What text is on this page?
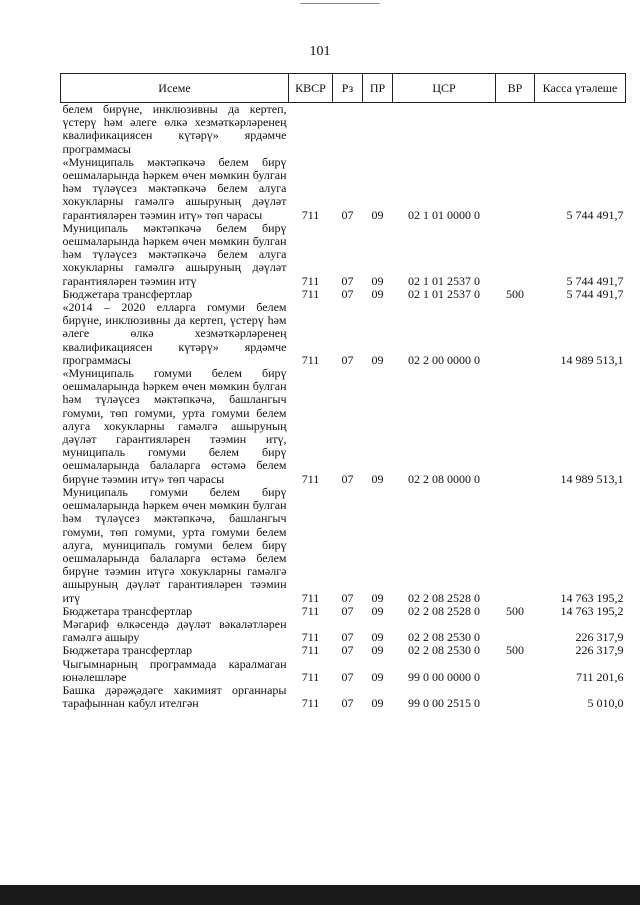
101
Исеме	КВСР	Рз	ПР	ЦСР	ВР	Касса үтәлеше
белем бирүне, инклюзивны да кертеп, үстерү һәм әлеге өлкә хезмәткәрләренең квалификациясен күтәрү» ярдәмче программасы						
«Муниципаль мәктәпкәчә белем бирү оешмаларында һәркем өчен мөмкин булган һәм түләүсез мәктәпкәчә белем алуга хокукларны гамәлгә ашыруның дәүләт гарантияләрен тәэмин итү» төп чарасы	711	07	09	02 1 01 0000 0		5 744 491,7
Муниципаль мәктәпкәчә белем бирү оешмаларында һәркем өчен мөмкин булган һәм түләүсез мәктәпкәчә белем алуга хокукларны гамәлгә ашыруның дәүләт гарантияләрен тәэмин итү	711	07	09	02 1 01 2537 0		5 744 491,7
Бюджетара трансфертлар	711	07	09	02 1 01 2537 0	500	5 744 491,7
«2014 – 2020 елларга гомуми белем бирүне, инклюзивны да кертеп, үстерү һәм әлеге өлкә хезмәткәрләренең квалификациясен күтәрү» ярдәмче программасы	711	07	09	02 2 00 0000 0		14 989 513,1
«Муниципаль гомуми белем бирү оешмаларында һәркем өчен мөмкин булган һәм түләүсез мәктәпкәчә, башлангыч гомуми, төп гомуми, урта гомуми белем алуга хокукларны гамәлгә ашыруның дәүләт гарантияләрен тәэмин итү, муниципаль гомуми белем бирү оешмаларында балаларга өстәмә белем бирүне тәэмин итү» төп чарасы	711	07	09	02 2 08 0000 0		14 989 513,1
Муниципаль гомуми белем бирү оешмаларында һәркем өчен мөмкин булган һәм түләүсез мәктәпкәчә, башлангыч гомуми, төп гомуми, урта гомуми белем алуга, муниципаль гомуми белем бирү оешмаларында балаларга өстәмә белем бирүне тәэмин итүгә хокукларны гамәлгә ашыруның дәүләт гарантияләрен тәэмин итү	711	07	09	02 2 08 2528 0		14 763 195,2
Бюджетара трансфертлар	711	07	09	02 2 08 2528 0	500	14 763 195,2
Мәгариф өлкәсендә дәүләт вәкаләтләрен гамәлгә ашыру	711	07	09	02 2 08 2530 0		226 317,9
Бюджетара трансфертлар	711	07	09	02 2 08 2530 0	500	226 317,9
Чыгымнарның программада каралмаган юнәлешләре	711	07	09	99 0 00 0000 0		711 201,6
Башка дәрәҗәдәге хакимият органнары тарафыннан кабул ителгән	711	07	09	99 0 00 2515 0		5 010,0
